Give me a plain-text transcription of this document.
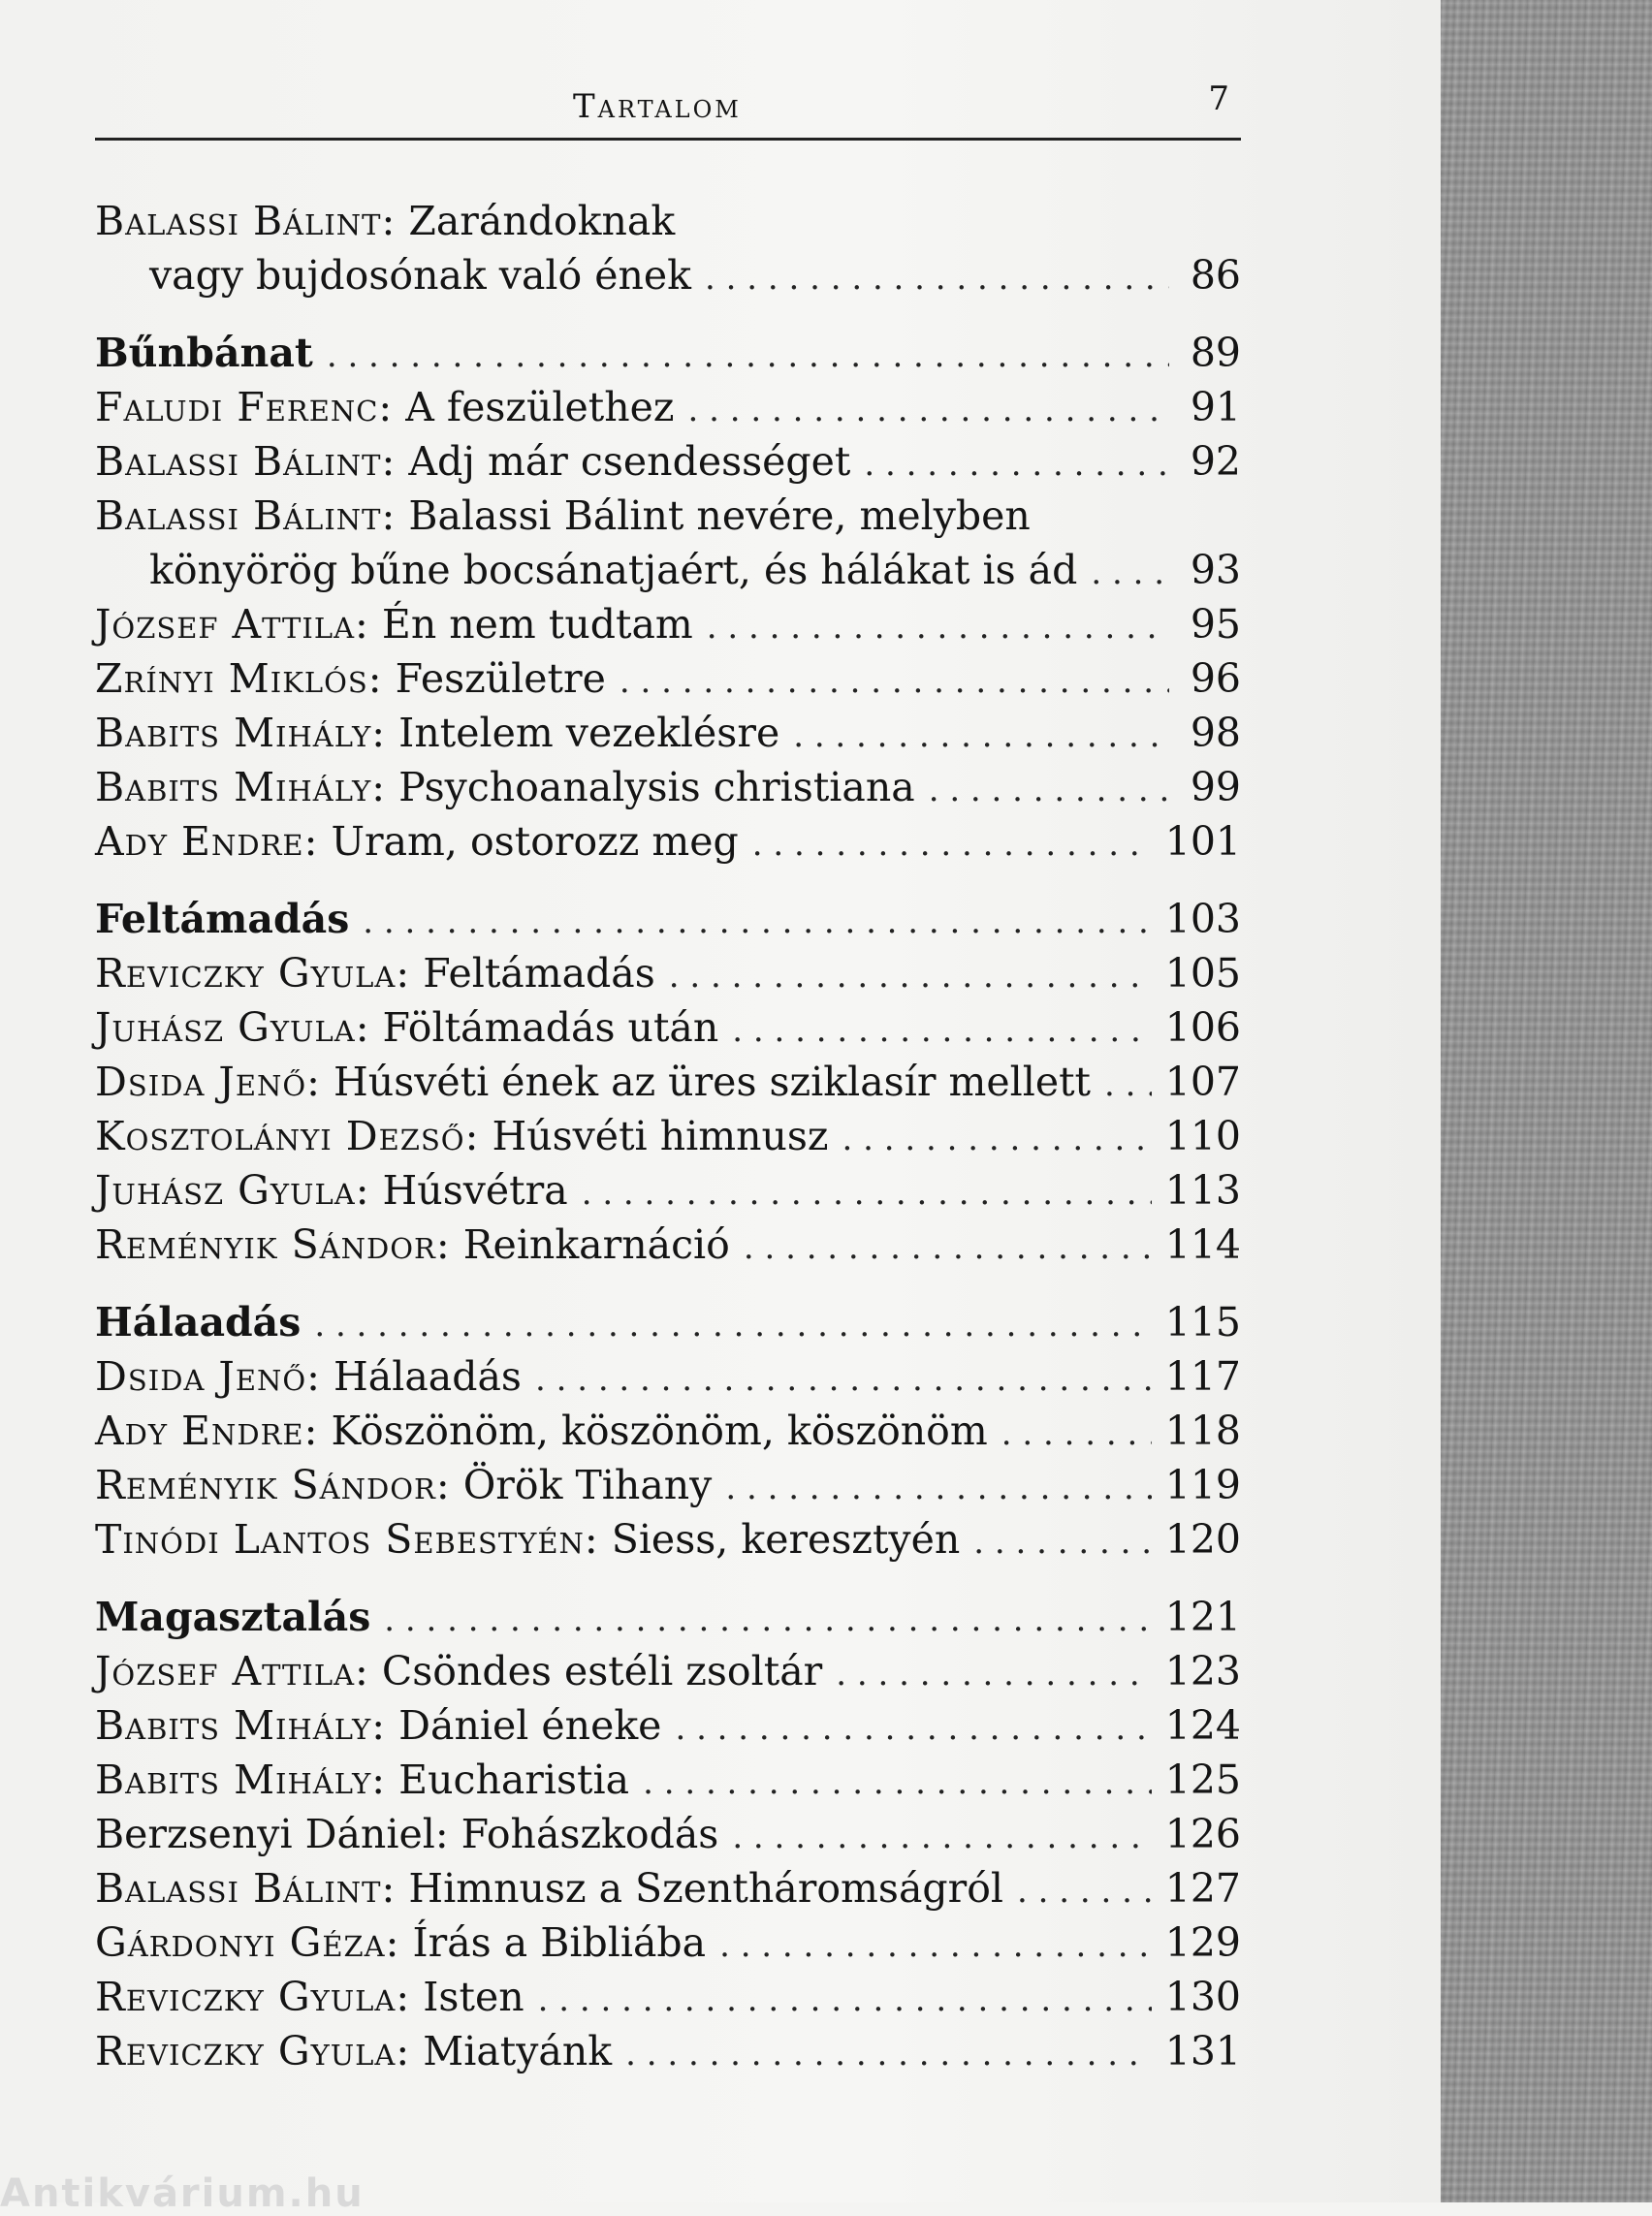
Tartalom	7
Balassi Bálint: Zarándoknak
vagy bujdosónak való ének . . .	86
Bűnbánat . . .	89
Faludi Ferenc: A feszülethez . . .	91
Balassi Bálint: Adj már csendességet . . .	92
Balassi Bálint: Balassi Bálint nevére, melyben
könyörög bűne bocsánatjaért, és hálákat is ád . . .	93
József Attila: Én nem tudtam . . .	95
Zrínyi Miklós: Feszületre . . .	96
Babits Mihály: Intelem vezeklésre . . .	98
Babits Mihály: Psychoanalysis christiana . . .	99
Ady Endre: Uram, ostorozz meg . . .	101
Feltámadás . . .	103
Reviczky Gyula: Feltámadás . . .	105
Juhász Gyula: Föltámadás után . . .	106
Dsida Jenő: Húsvéti ének az üres sziklasír mellett . . . 107
Kosztolányi Dezső: Húsvéti himnusz . . .	110
Juhász Gyula: Húsvétra . . .	113
Reményik Sándor: Reinkarnáció . . .	114
Hálaadás . . .	115
Dsida Jenő: Hálaadás . . .	117
Ady Endre: Köszönöm, köszönöm, köszönöm . . .	118
Reményik Sándor: Örök Tihany . . .	119
Tinódi Lantos Sebestyén: Siess, keresztyén . . .	120
Magasztalás . . .	121
József Attila: Csöndes estéli zsoltár . . .	123
Babits Mihály: Dániel éneke . . .	124
Babits Mihály: Eucharistia . . .	125
Berzsenyi Dániel: Fohászkodás . . .	126
Balassi Bálint: Himnusz a Szentháromságról . . .	127
Gárdonyi Géza: Írás a Bibliába . . .	129
Reviczky Gyula: Isten . . .	130
Reviczky Gyula: Miatyánk . . .	131
Antikvárium.hu
